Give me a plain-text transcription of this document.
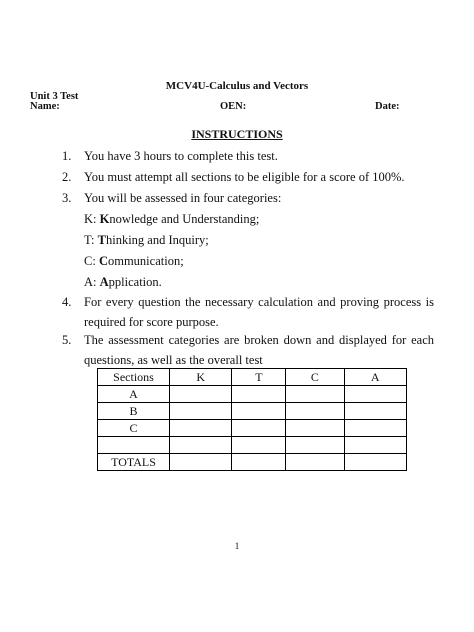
MCV4U-Calculus and Vectors
Unit 3 Test
Name:	OEN:	Date:
INSTRUCTIONS
1.	You have 3 hours to complete this test.
2.	You must attempt all sections to be eligible for a score of 100%.
3.	You will be assessed in four categories:
K: Knowledge and Understanding;
T: Thinking and Inquiry;
C: Communication;
A: Application.
4.	For every question the necessary calculation and proving process is required for score purpose.
5.	The assessment categories are broken down and displayed for each questions, as well as the overall test
Sections	K	T	C	A
A				
B				
C				

TOTALS				
1
